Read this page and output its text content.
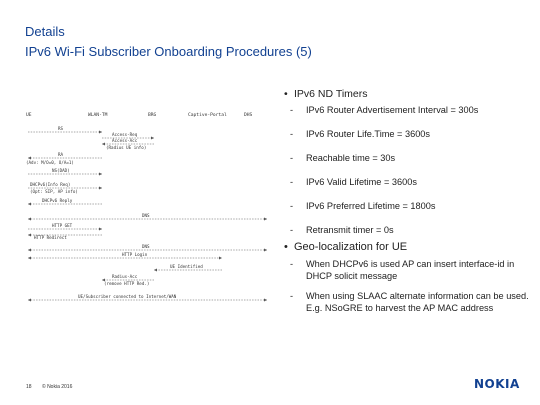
Details
IPv6 Wi-Fi Subscriber Onboarding Procedures (5)
UE	WLAN-TM	BRG	Captive-Portal	DHS
RS
Access-Req
Access-Acc
(Radius UE info)
RA
(Adv: M/O=0, O/A=1)
NS(DAD)
DHCPv6(Info Req)
(Opt: SIP, AP info)
DHCPv6 Reply
DNS
HTTP GET
HTTP Redirect
DNS
HTTP Login
UE Identified
Radius-Acc
(remove HTTP Red.)
UE/Subscriber connected to Internet/WAN
• IPv6 ND Timers
- IPv6 Router Advertisement Interval = 300s
- IPv6 Router Life.Time = 3600s
- Reachable time = 30s
- IPv6 Valid Lifetime = 3600s
- IPv6 Preferred Lifetime = 1800s
- Retransmit timer = 0s
• Geo-localization for UE
- When DHCPv6 is used AP can insert interface-id in DHCP solicit message
- When using SLAAC alternate information can be used. E.g. NSoGRE to harvest the AP MAC address
18 © Nokia 2016	NOKIA
